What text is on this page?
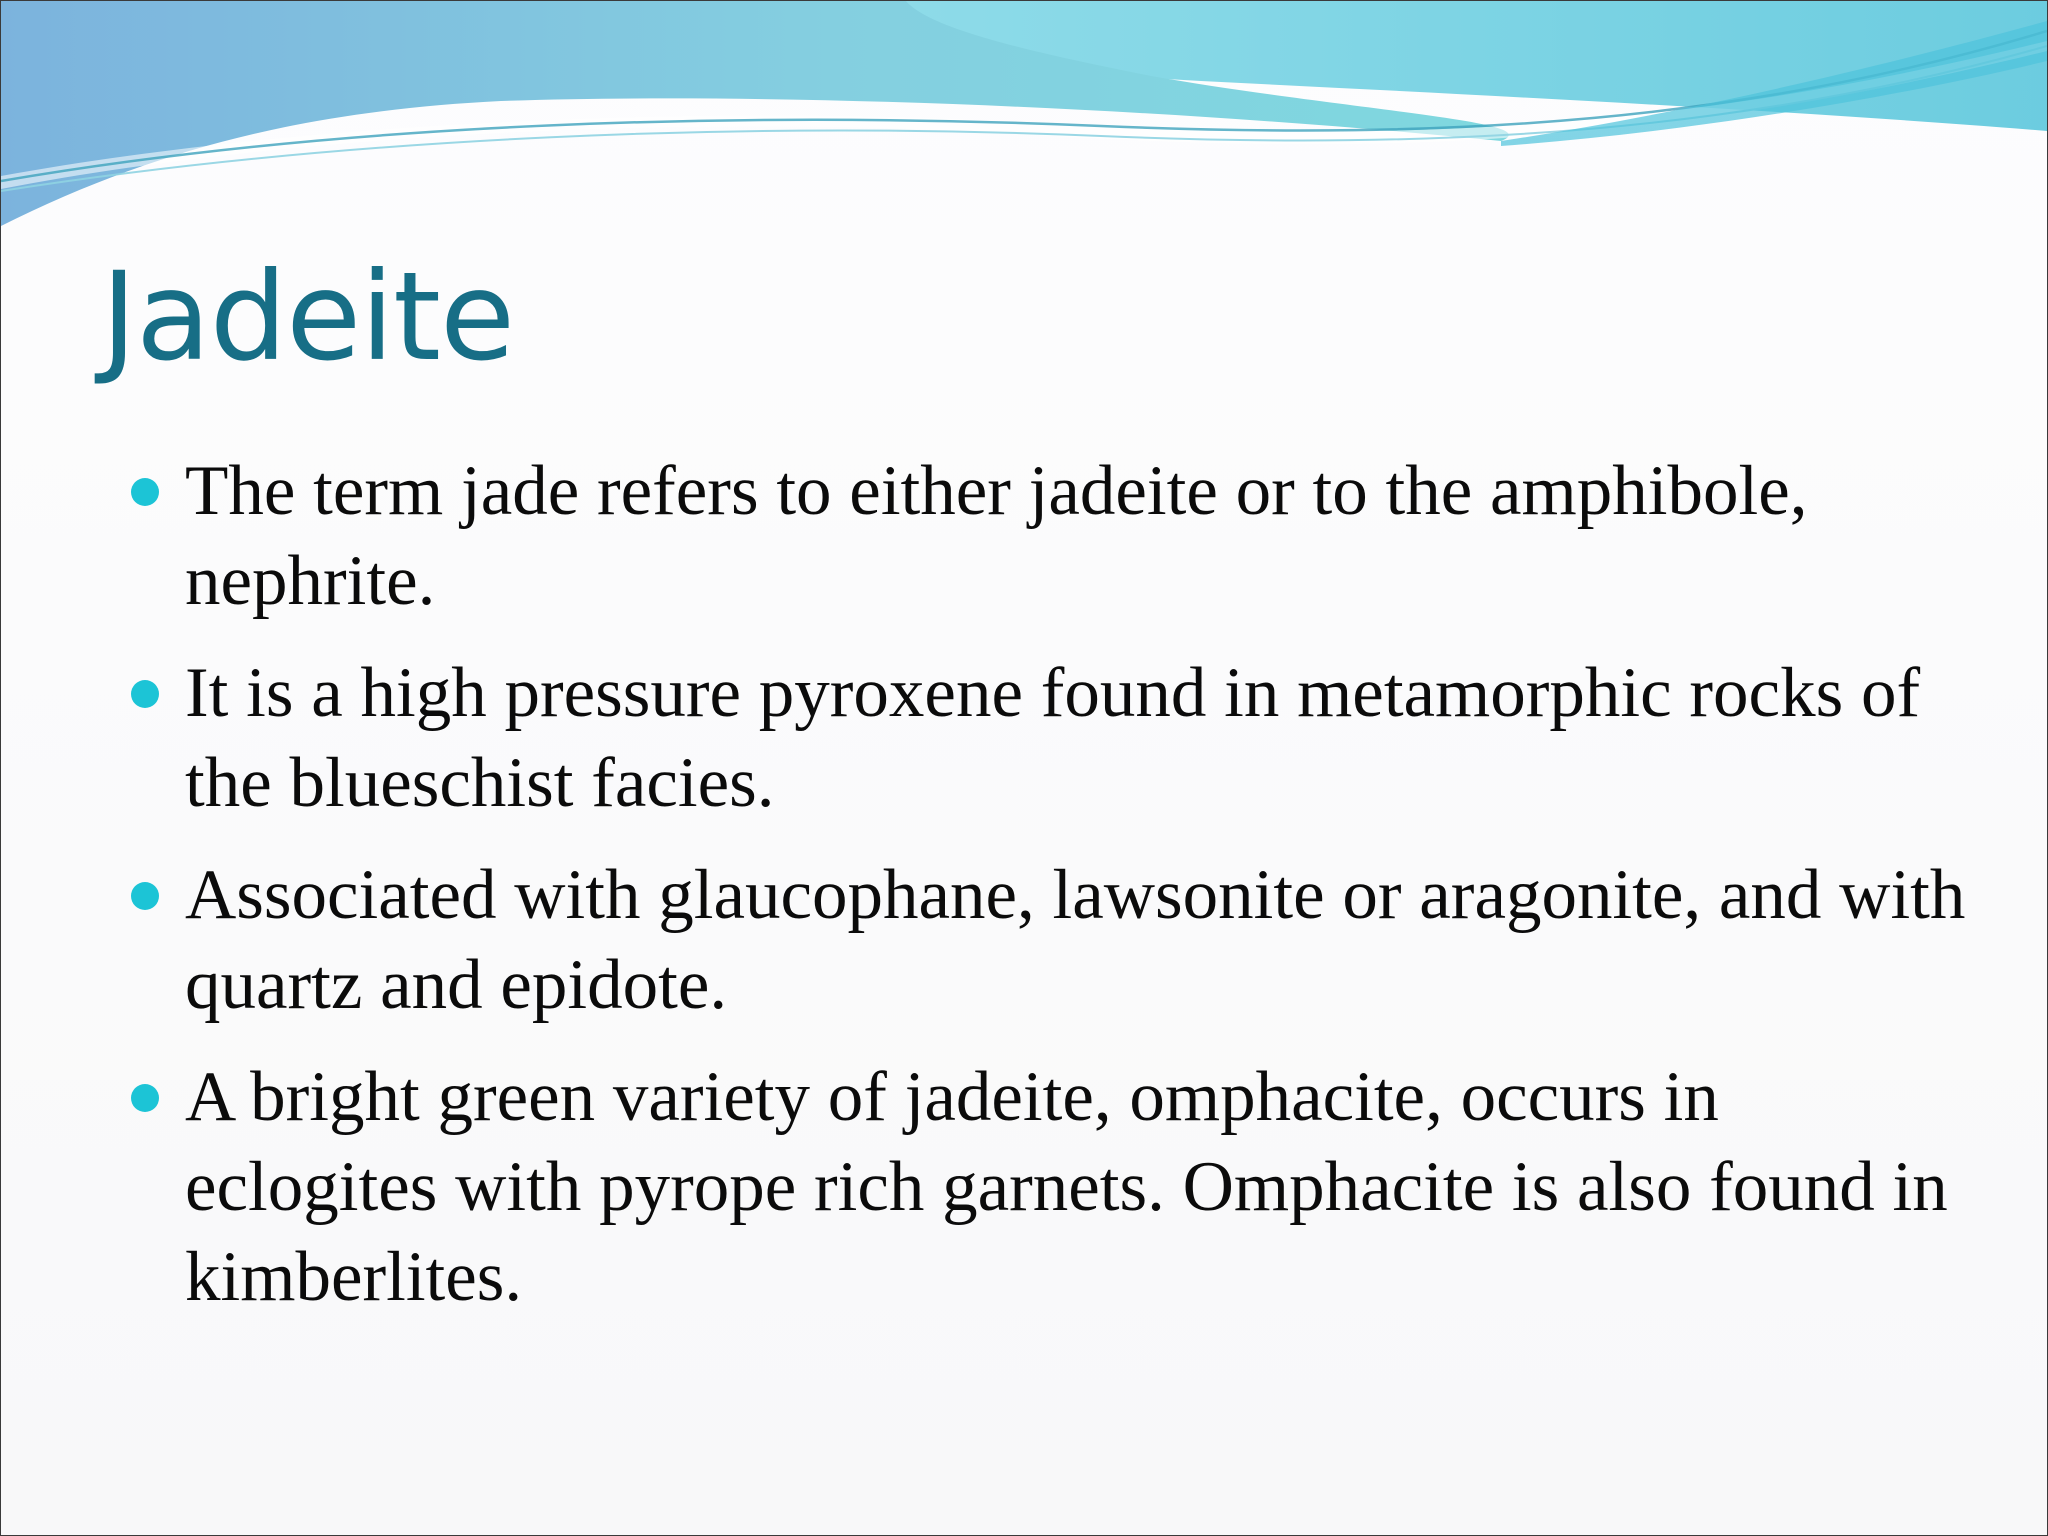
Jadeite
The term jade refers to either jadeite or to the amphibole, nephrite.
It is a high pressure pyroxene found in metamorphic rocks of the blueschist facies.
Associated with glaucophane, lawsonite or aragonite, and with quartz and epidote.
A bright green variety of jadeite, omphacite, occurs in eclogites with pyrope rich garnets. Omphacite is also found in kimberlites.
